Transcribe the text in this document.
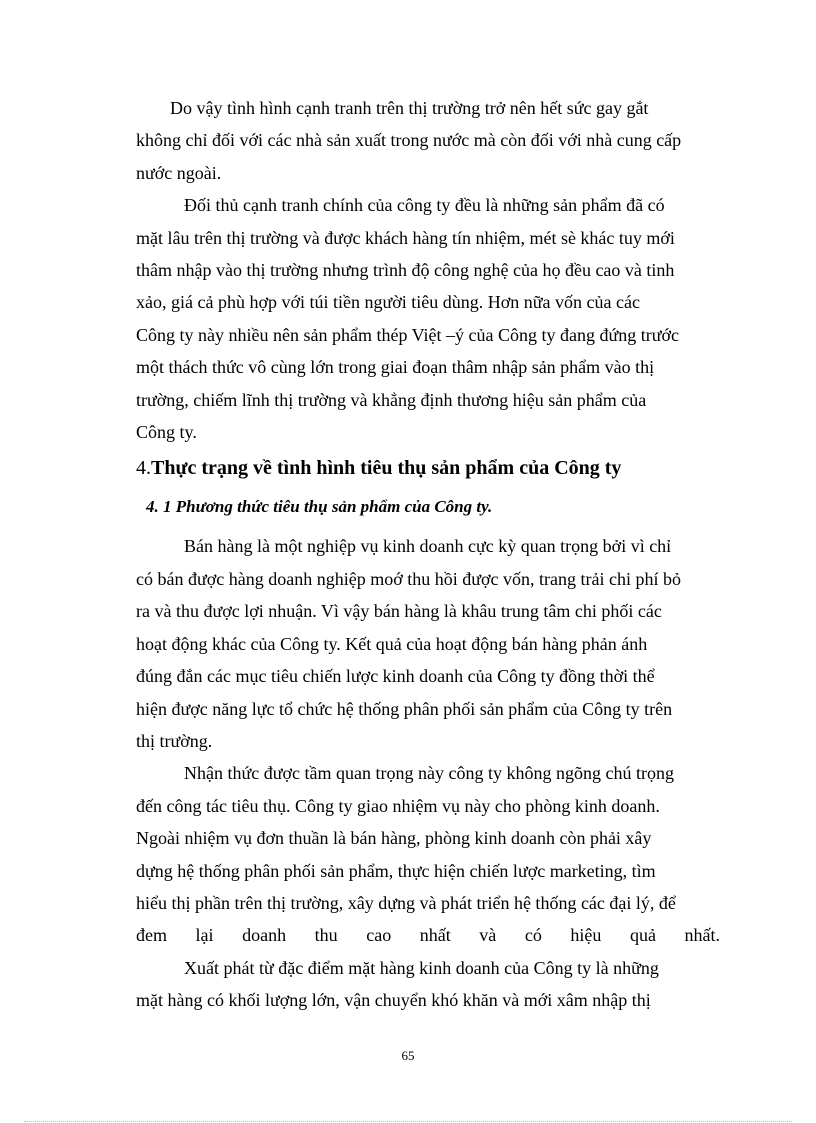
Do vậy tình hình cạnh tranh trên thị trường trở nên hết sức gay gắt
không chỉ đối với các nhà sản xuất trong nước mà còn đối với nhà cung cấp
nước ngoài.

Đối thủ cạnh tranh chính của công ty đều là những sản phẩm đã có
mặt lâu trên thị trường và được khách hàng tín nhiệm, mét sè khác tuy mới
thâm nhập vào thị trường nhưng trình độ công nghệ của họ đều cao và tinh
xảo, giá cả phù hợp với túi tiền người tiêu dùng. Hơn nữa vốn của các
Công ty này nhiều nên sản phẩm thép Việt –ý của Công ty đang đứng trước
một thách thức vô cùng lớn trong giai đoạn thâm nhập sản phẩm vào thị
trường, chiếm lĩnh thị trường và khẳng định thương hiệu sản phẩm của
Công ty.

4.Thực trạng về tình hình tiêu thụ sản phẩm của Công ty
4. 1 Phương thức tiêu thụ sản phẩm của Công ty.

Bán hàng là một nghiệp vụ kinh doanh cực kỳ quan trọng bởi vì chỉ
có bán được hàng doanh nghiệp moớ thu hồi được vốn, trang trải chi phí bỏ
ra và thu được lợi nhuận. Vì vậy bán hàng là khâu trung tâm chi phối các
hoạt động khác của Công ty. Kết quả của hoạt động bán hàng phản ánh
đúng đắn các mục tiêu chiến lược kinh doanh của Công ty đồng thời thể
hiện được năng lực tổ chức hệ thống phân phối sản phẩm của Công ty trên
thị trường.

Nhận thức được tầm quan trọng này công ty không ngõng chú trọng
đến công tác tiêu thụ. Công ty giao nhiệm vụ này cho phòng kinh doanh.
Ngoài nhiệm vụ đơn thuần là bán hàng, phòng kinh doanh còn phải xây
dựng hệ thống phân phối sản phẩm, thực hiện chiến lược marketing, tìm
hiểu thị phần trên thị trường, xây dựng và phát triển hệ thống các đại lý, để
đem lại doanh thu cao nhất và có hiệu quả nhất.

Xuất phát từ đặc điểm mặt hàng kinh doanh của Công ty là những
mặt hàng có khối lượng lớn, vận chuyển khó khăn và mới xâm nhập thị

65
